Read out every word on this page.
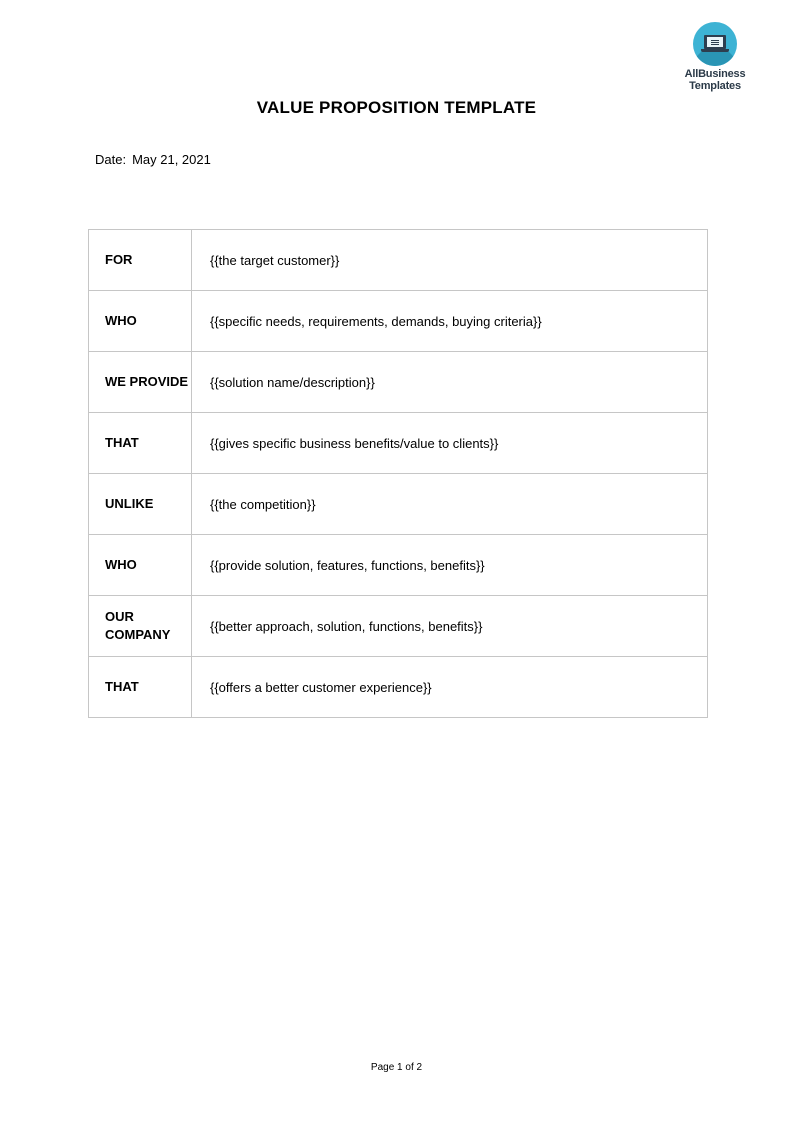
AllBusiness
Templates
VALUE PROPOSITION TEMPLATE
Date: May 21, 2021
FOR	{{the target customer}}
WHO	{{specific needs, requirements, demands, buying criteria}}
WE PROVIDE	{{solution name/description}}
THAT	{{gives specific business benefits/value to clients}}
UNLIKE	{{the competition}}
WHO	{{provide solution, features, functions, benefits}}
OUR COMPANY	{{better approach, solution, functions, benefits}}
THAT	{{offers a better customer experience}}
Page 1 of 2
